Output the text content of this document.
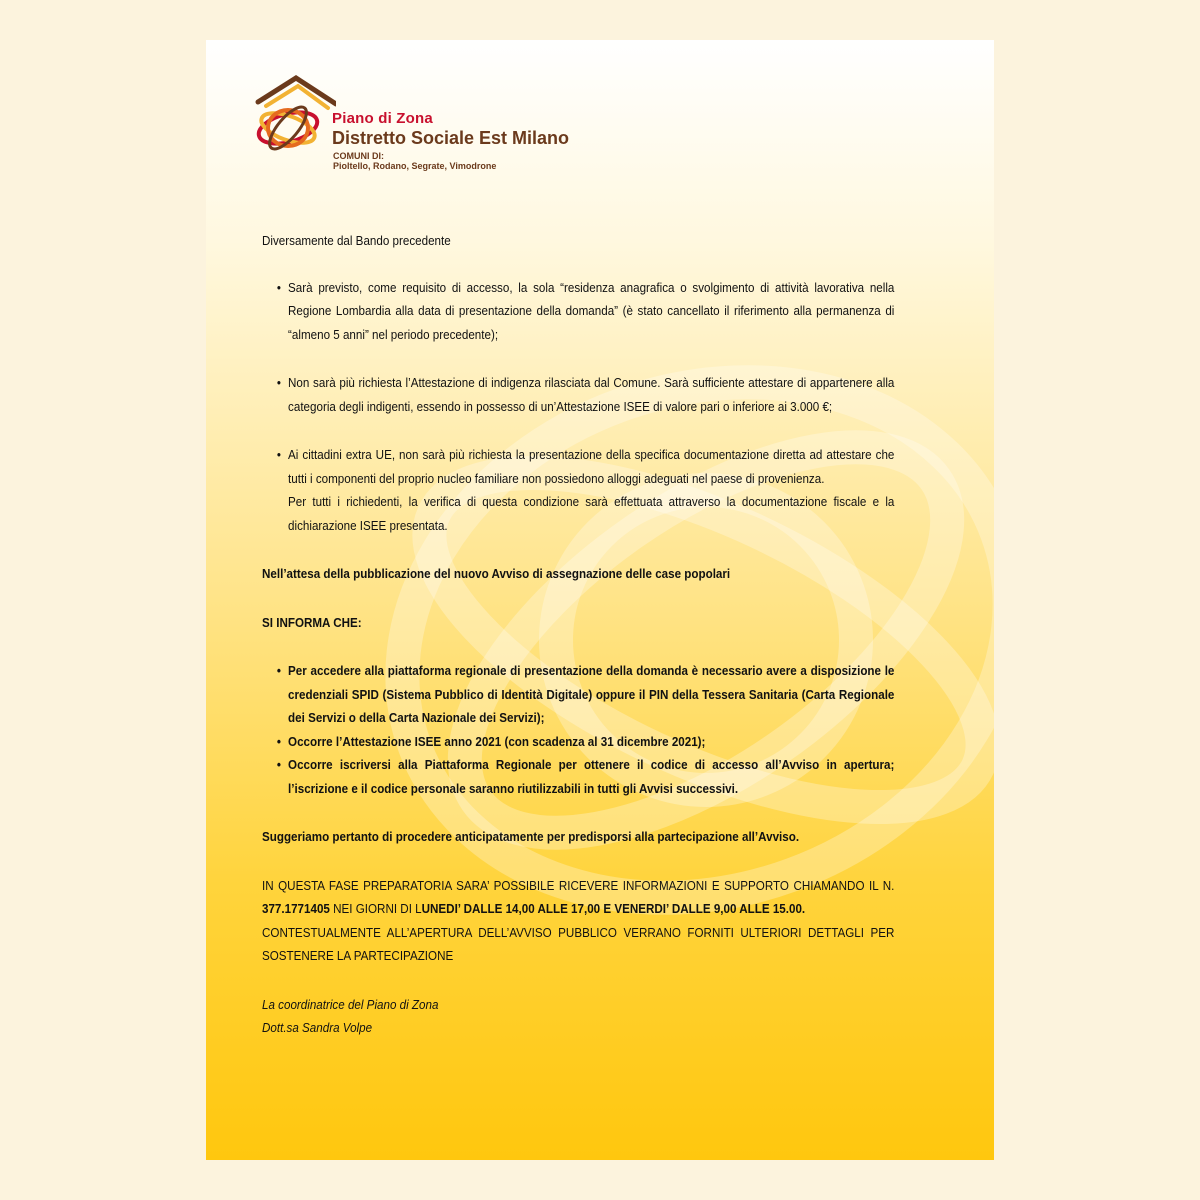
Piano di Zona
Distretto Sociale Est Milano
COMUNI DI:
Pioltello, Rodano, Segrate, Vimodrone

Diversamente dal Bando precedente

• Sarà previsto, come requisito di accesso, la sola “residenza anagrafica o svolgimento di attività lavorativa nella Regione Lombardia alla data di presentazione della domanda” (è stato cancellato il riferimento alla permanenza di “almeno 5 anni” nel periodo precedente);
• Non sarà più richiesta l’Attestazione di indigenza rilasciata dal Comune. Sarà sufficiente attestare di appartenere alla categoria degli indigenti, essendo in possesso di un’Attestazione ISEE di valore pari o inferiore ai 3.000 €;
• Ai cittadini extra UE, non sarà più richiesta la presentazione della specifica documentazione diretta ad attestare che tutti i componenti del proprio nucleo familiare non possiedono alloggi adeguati nel paese di provenienza.
Per tutti i richiedenti, la verifica di questa condizione sarà effettuata attraverso la documentazione fiscale e la dichiarazione ISEE presentata.

Nell’attesa della pubblicazione del nuovo Avviso di assegnazione delle case popolari

SI INFORMA CHE:

• Per accedere alla piattaforma regionale di presentazione della domanda è necessario avere a disposizione le credenziali SPID (Sistema Pubblico di Identità Digitale) oppure il PIN della Tessera Sanitaria (Carta Regionale dei Servizi o della Carta Nazionale dei Servizi);
• Occorre l’Attestazione ISEE anno 2021 (con scadenza al 31 dicembre 2021);
• Occorre iscriversi alla Piattaforma Regionale per ottenere il codice di accesso all’Avviso in apertura; l’iscrizione e il codice personale saranno riutilizzabili in tutti gli Avvisi successivi.

Suggeriamo pertanto di procedere anticipatamente per predisporsi alla partecipazione all’Avviso.

IN QUESTA FASE PREPARATORIA SARA’ POSSIBILE RICEVERE INFORMAZIONI E SUPPORTO CHIAMANDO IL N. 377.1771405 NEI GIORNI DI LUNEDI’ DALLE 14,00 ALLE 17,00 E VENERDI’ DALLE 9,00 ALLE 15.00.

CONTESTUALMENTE ALL’APERTURA DELL’AVVISO PUBBLICO VERRANO FORNITI ULTERIORI DETTAGLI PER SOSTENERE LA PARTECIPAZIONE

La coordinatrice del Piano di Zona

Dott.sa Sandra Volpe
